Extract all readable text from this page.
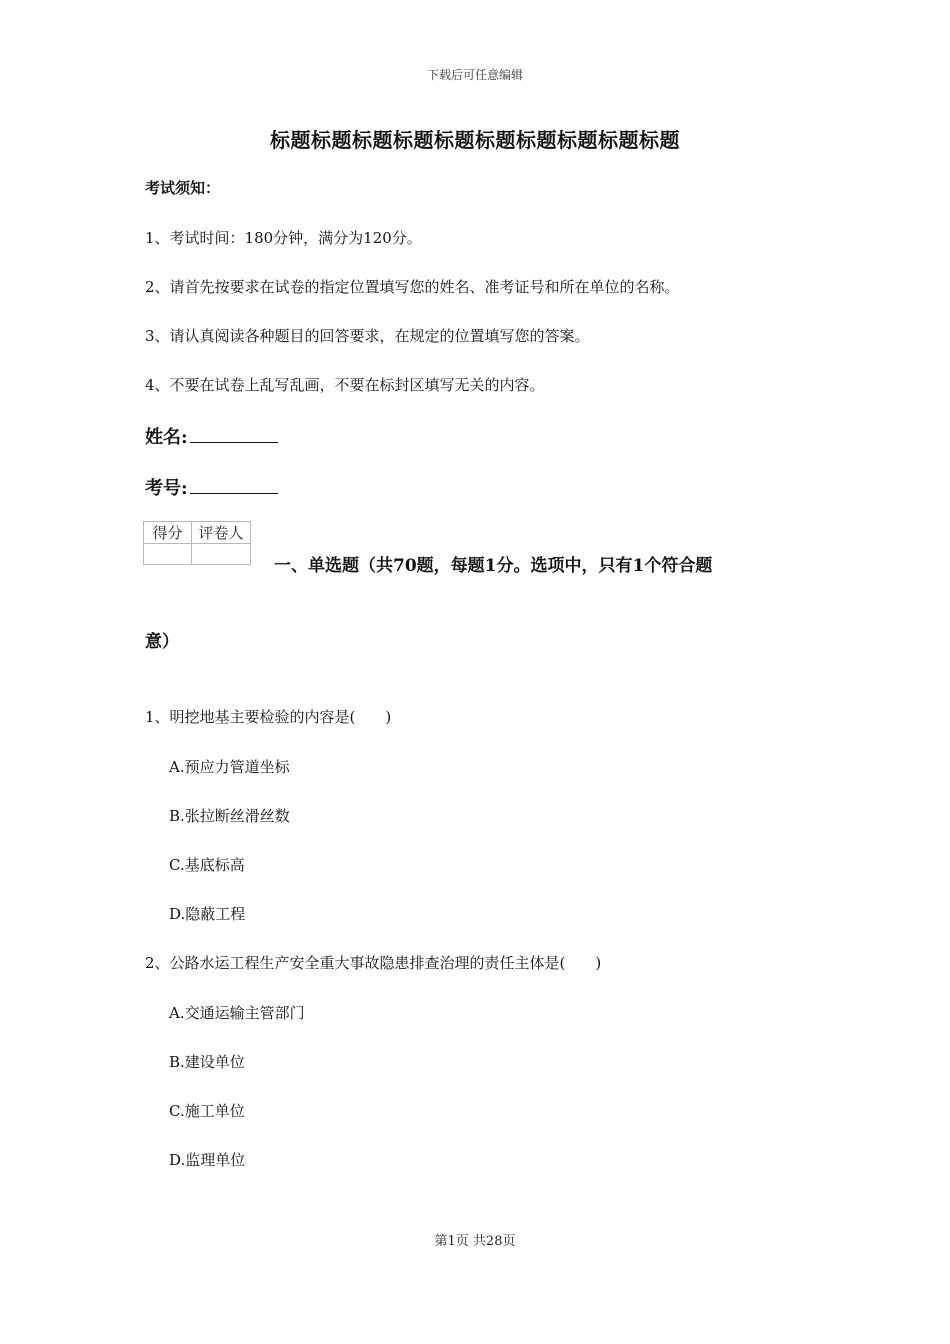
下载后可任意编辑
标题标题标题标题标题标题标题标题标题标题
考试须知：
1、考试时间：180分钟，满分为120分。
2、请首先按要求在试卷的指定位置填写您的姓名、准考证号和所在单位的名称。
3、请认真阅读各种题目的回答要求，在规定的位置填写您的答案。
4、不要在试卷上乱写乱画，不要在标封区填写无关的内容。
姓名:
考号:
得分	评卷人

一、单选题（共70题，每题1分。选项中，只有1个符合题
意）
1、明挖地基主要检验的内容是(　　)
A.预应力管道坐标
B.张拉断丝滑丝数
C.基底标高
D.隐蔽工程
2、公路水运工程生产安全重大事故隐患排查治理的责任主体是(　　)
A.交通运输主管部门
B.建设单位
C.施工单位
D.监理单位
第1页 共28页
